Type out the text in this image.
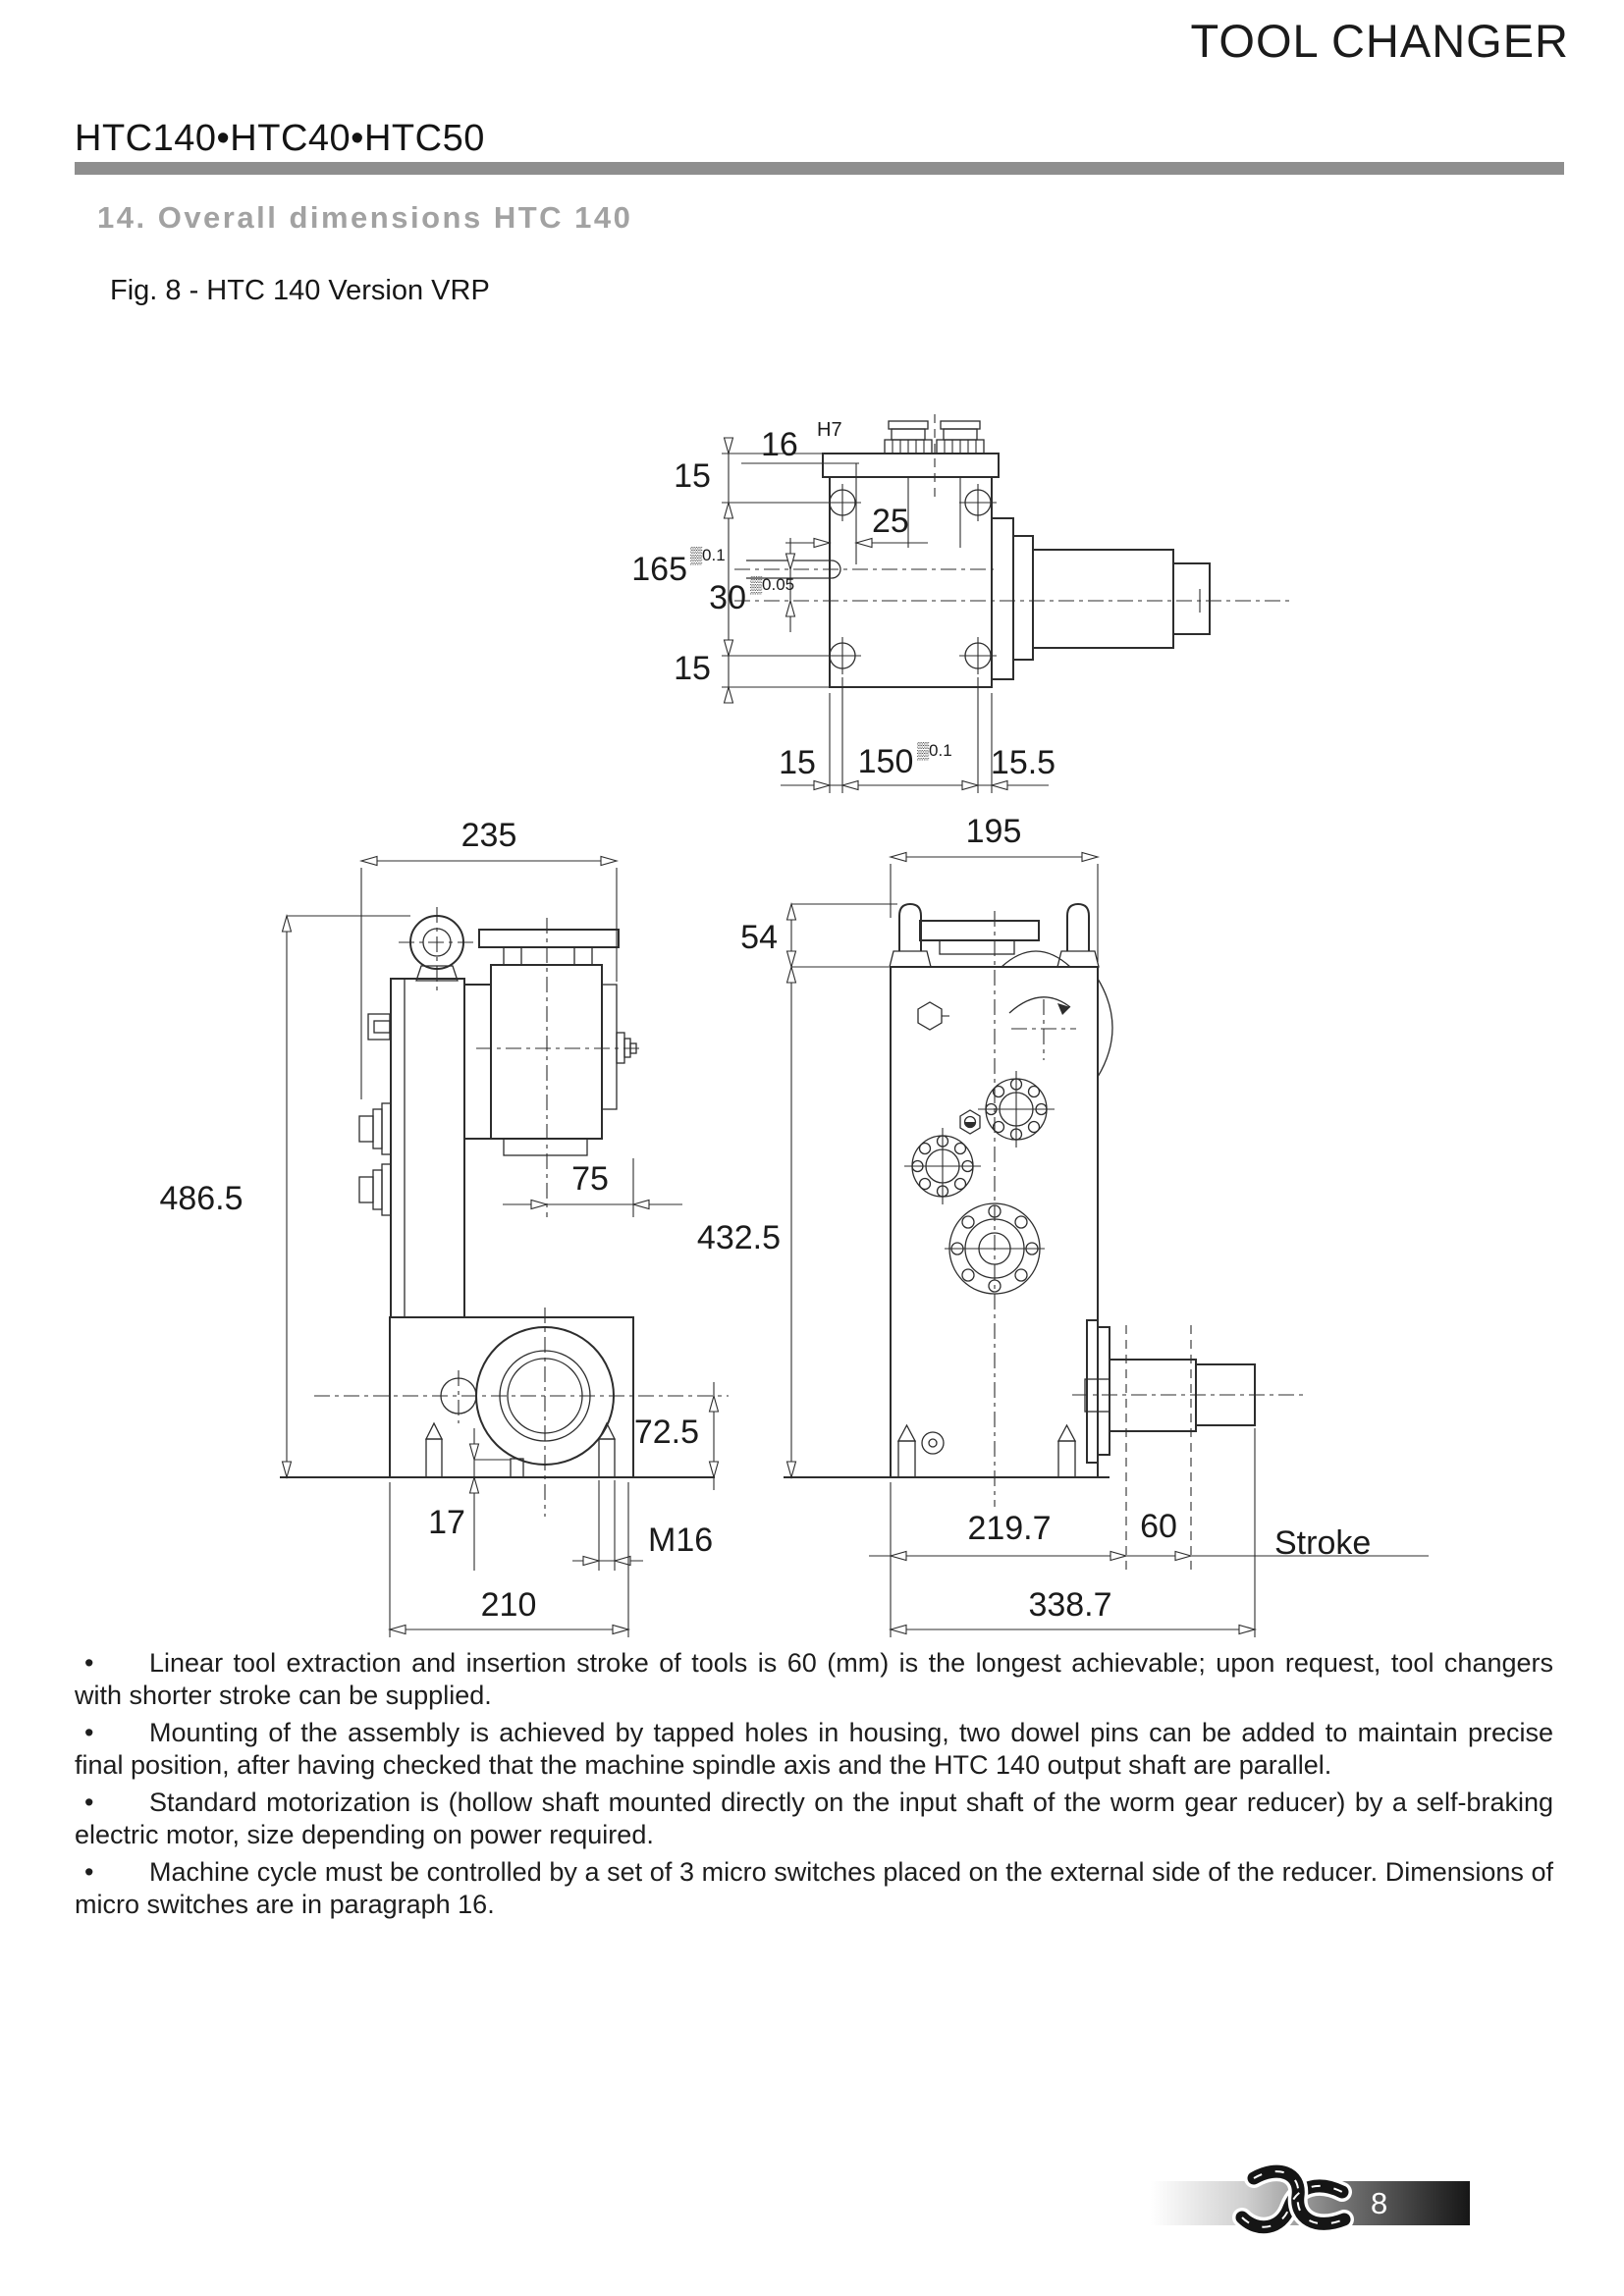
TOOL CHANGER
HTC140•HTC40•HTC50
14. Overall dimensions HTC 140
Fig. 8 - HTC 140 Version VRP
15
165 ▒0.1
15
30 ▒0.05
25
16 H7
15 150 ▒0.1 15.5
235
486.5
75
72.5
17	M16
210
195
54
432.5
219.7	60	Stroke
338.7

• Linear tool extraction and insertion stroke of tools is 60 (mm) is the longest achievable; upon request, tool changers with shorter stroke can be supplied.

• Mounting of the assembly is achieved by tapped holes in housing, two dowel pins can be added to maintain precise final position, after having checked that the machine spindle axis and the HTC 140 output shaft are parallel.

• Standard motorization is (hollow shaft mounted directly on the input shaft of the worm gear reducer) by a self-braking electric motor, size depending on power required.

• Machine cycle must be controlled by a set of 3 micro switches placed on the external side of the reducer. Dimensions of micro switches are in paragraph 16.

8
